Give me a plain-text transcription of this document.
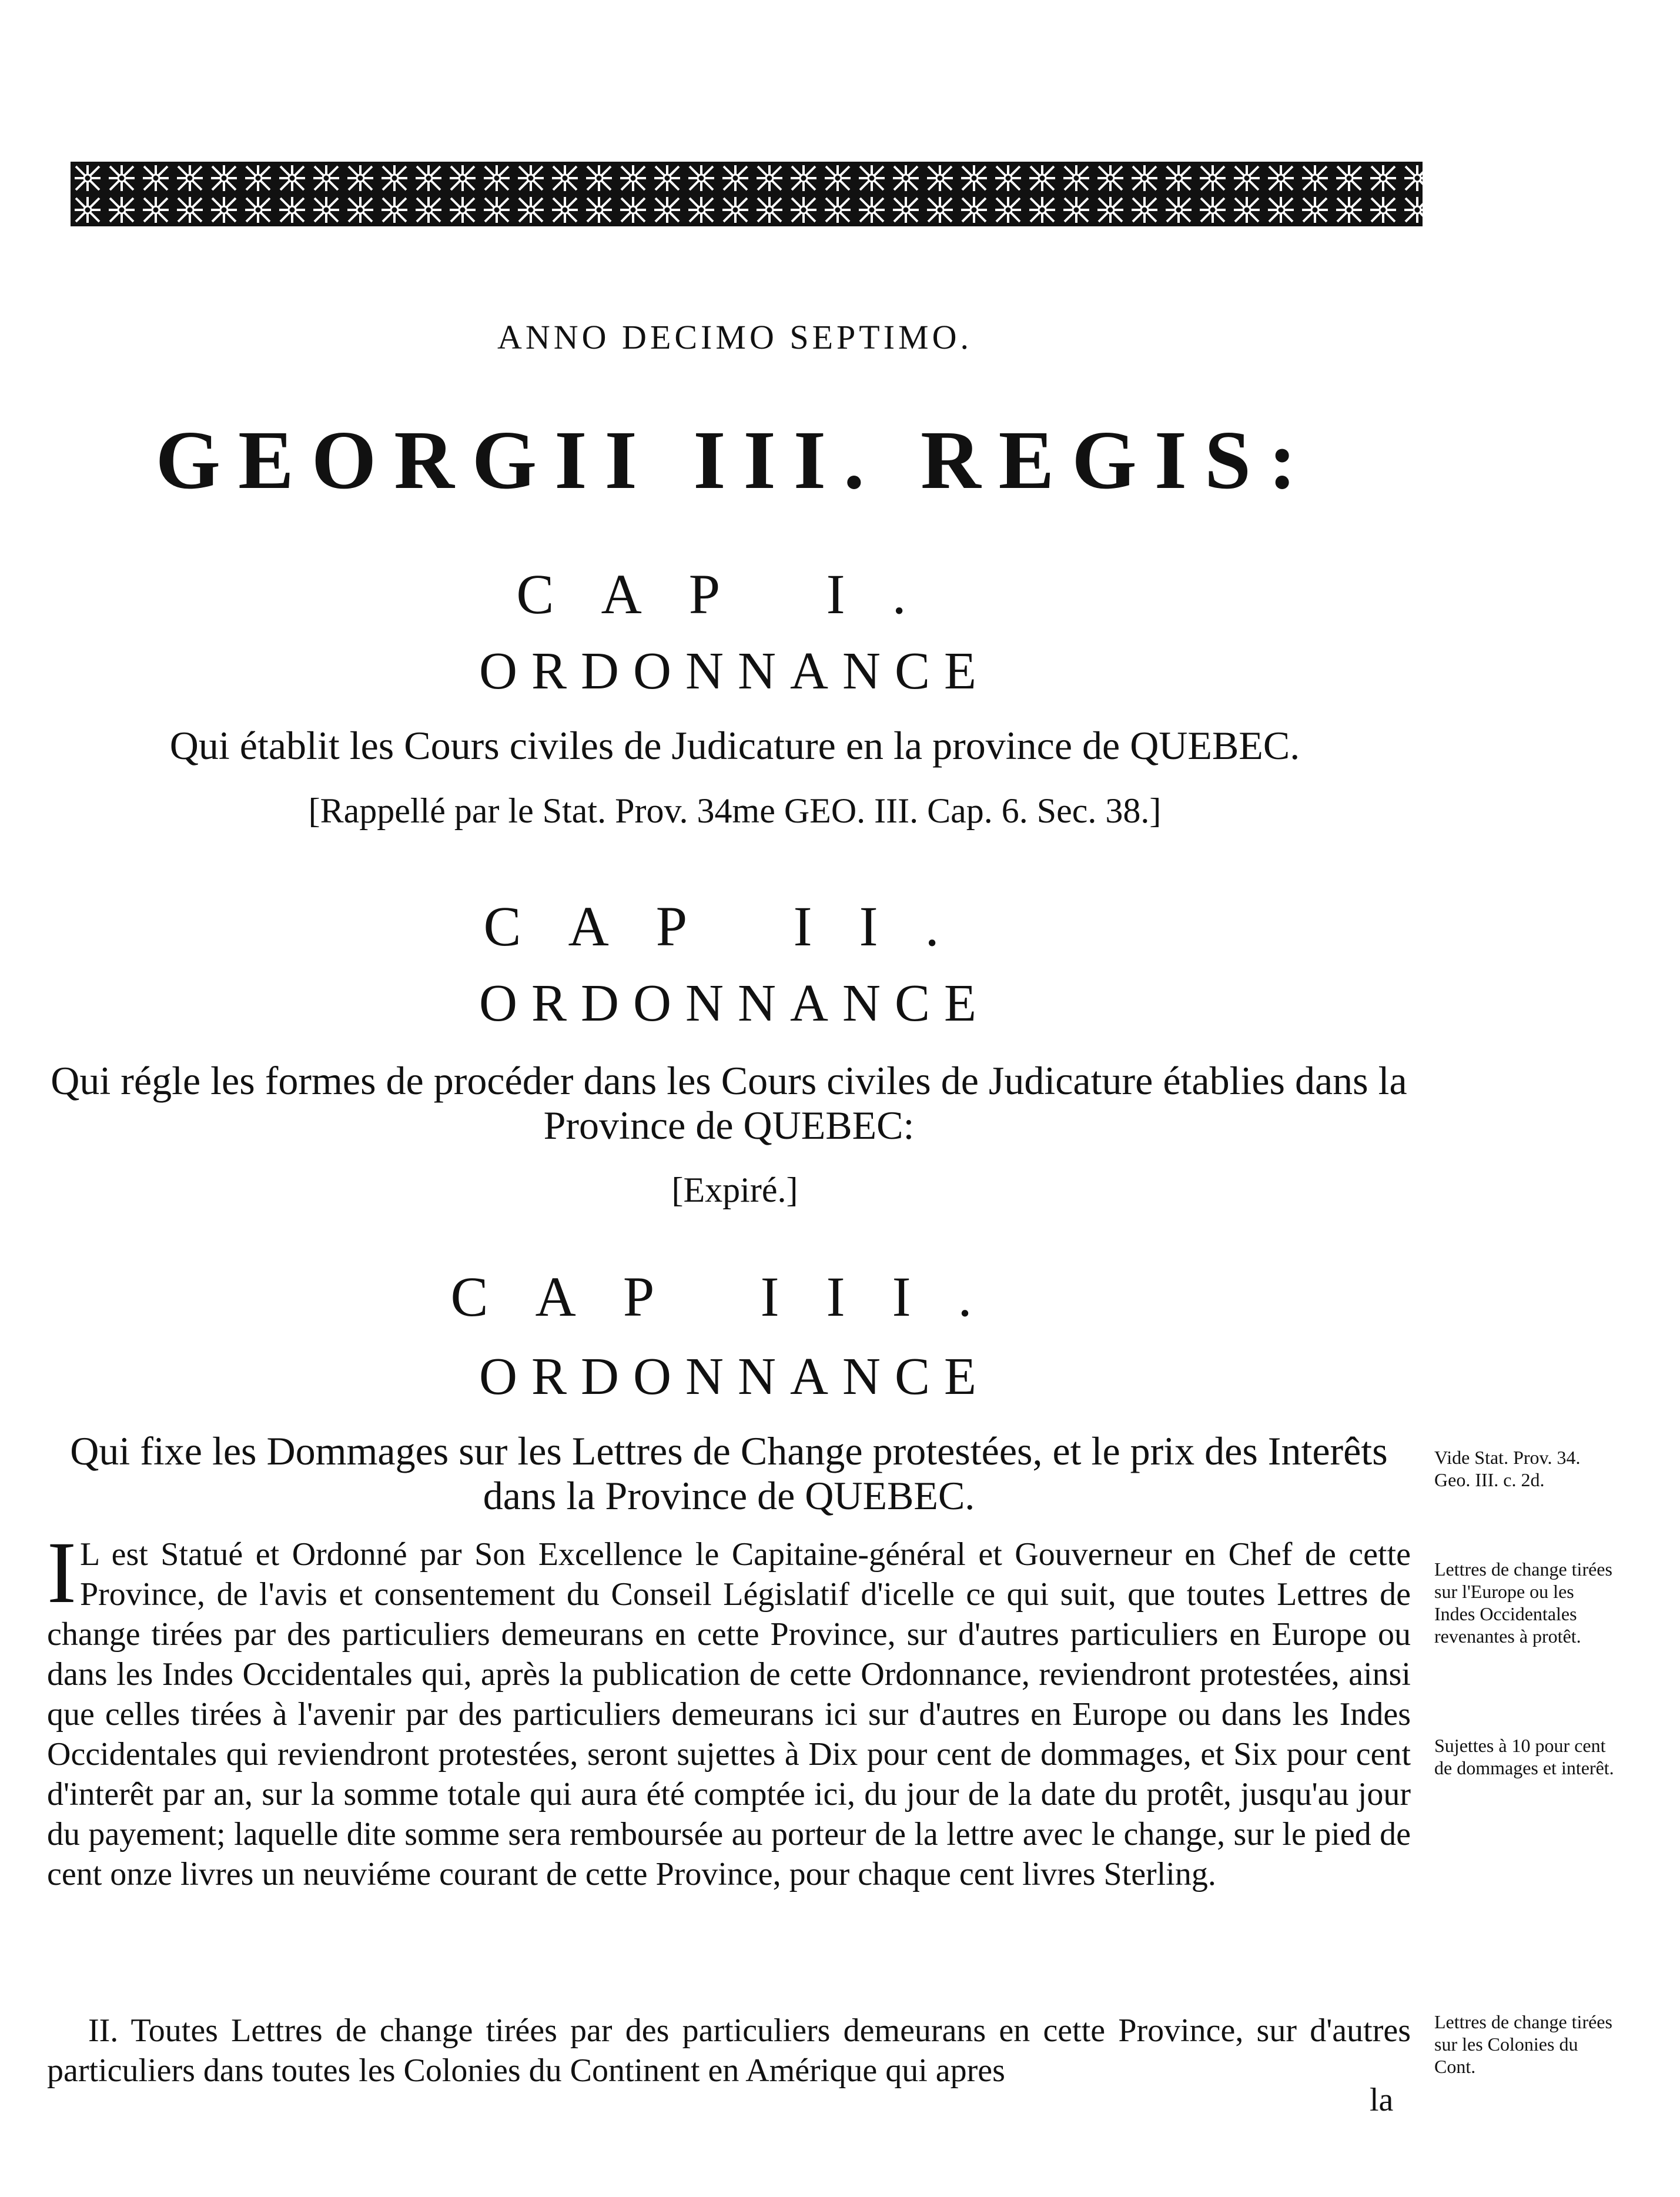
ANNO DECIMO SEPTIMO.
GEORGII III. REGIS:
CAP I.
ORDONNANCE
Qui établit les Cours civiles de Judicature en la province de QUEBEC.
[Rappellé par le Stat. Prov. 34me GEO. III. Cap. 6. Sec. 38.]
CAP II.
ORDONNANCE
Qui régle les formes de procéder dans les Cours civiles de Judicature établies dans la Province de QUEBEC:
[Expiré.]
CAP III.
ORDONNANCE
Qui fixe les Dommages sur les Lettres de Change protestées, et le prix des Interêts dans la Province de QUEBEC.
I L est Statué et Ordonné par Son Excellence le Capitaine-général et Gouverneur en Chef de cette Province, de l'avis et consentement du Conseil Législatif d'icelle ce qui suit, que toutes Lettres de change tirées par des particuliers demeurans en cette Province, sur d'autres particuliers en Europe ou dans les Indes Occidentales qui, après la publication de cette Ordonnance, reviendront protestées, ainsi que celles tirées à l'avenir par des particuliers demeurans ici sur d'autres en Europe ou dans les Indes Occidentales qui reviendront protestées, seront sujettes à Dix pour cent de dommages, et Six pour cent d'interêt par an, sur la somme totale qui aura été comptée ici, du jour de la date du protêt, jusqu'au jour du payement; laquelle dite somme sera remboursée au porteur de la lettre avec le change, sur le pied de cent onze livres un neuviéme courant de cette Province, pour chaque cent livres Sterling.
II. Toutes Lettres de change tirées par des particuliers demeurans en cette Province, sur d'autres particuliers dans toutes les Colonies du Continent en Amérique qui apres
la
Vide Stat. Prov. 34. Geo. III. c. 2d.
Lettres de change tirées sur l'Europe ou les Indes Occidentales revenantes à protêt.
Sujettes à 10 pour cent de dommages et interêt.
Lettres de change tirées sur les Colonies du Cont.
